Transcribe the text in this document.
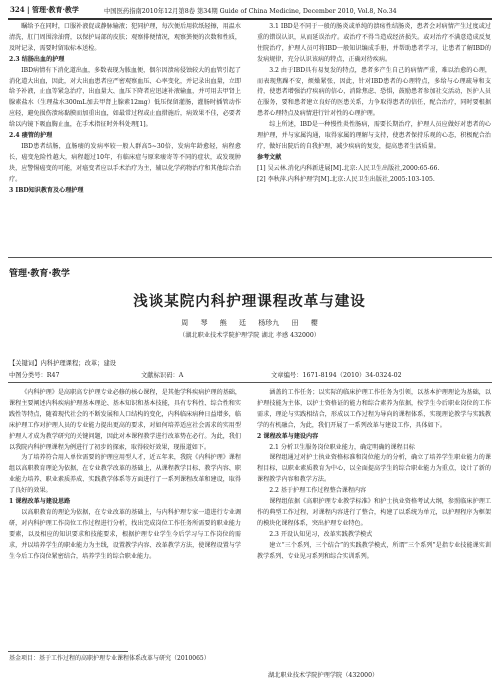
324 | 管理·教育·教学	中国医药指南2010年12月第8卷 第34期 Guide of China Medicine, December 2010, Vol.8, No.34

瞩给予在同时，口服补液促或静脉输液；犯同护理，每次便后用软纸轻擦，用温水清洗，肛门周围涂油膏，以保护局部的皮肤；观察排便情况，观察粪便的次数和性质，及时记录，需要时留取标本送检。

2.3 结肠出血的护理

IBD病情有下消化道出血，多数表现为脓血便，偶尔因溃疡侵蚀较大的血管引起了消化道大出血，因此，对大出血患者应严密观察血压、心率变化，并记录出血量，立即给予补液，止血等紧急治疗，出血量大、血压下降者应迅速补液输血，并可用去甲肾上腺素盐水（生理盐水300mL加去甲肾上腺素12mg）低压保留灌肠，灌肠时插管动作应轻，避免损伤溃疡黏膜而加重出血，如最常过程或止血措施后，病效果不佳，必要者给以内镜下吸血胸止血，在手术指征时外科处理[1]。

2.4 瘘管的护理

IBD患者结肠，直肠瘘的发病率较一般人群高5~30倍，发病年龄愈轻，病程愈长，癌变危险性越大，病程超过10年，有临床症与原来瘘寄等不同的症状，或发现肿块，应警惕癌变的可能，对癌变者应以手术治疗为主，辅以化学药物治疗和其他综合治疗。

3 IBD知识教育及心理护理

3.1 IBD是不同于一般的肠炎或单纯的溃疡性结肠炎，患者会对病情产生过度或过重的错误认识，从而延误治疗。或治疗不得当造成经济损失。或对治疗不满意造成反复住院治疗，护理人员可将IBD一般知识编成手册，并帮助患者学习，让患者了解IBD的发病规律，充分认识该病的特点，正确对待疾病。

3.2 由于IBD具有易复发的特点，患者多产生自己的病情严重，难以治愈的心理，而表现焦躁不安，烦燥紧张，因此，针对IBD患者的心理特点，多给与心理疏导和支持，使患者增强治疗疾病的信心，消除焦虑、恐惧，鼓励患者参加社交活动，医护人员在服务，要和患者建立良好的医患关系，力争取得患者的信任，配合治疗，同时要根据患者心理特点及病情进行针对性的心理护理。

综上所述，IBD是一种慢性炎性肠病，需要长期治疗，护理人员应做好对患者的心理护理，并与家属沟通，取得家属的理解与支持，使患者保持乐观的心态，积极配合治疗，做好出院后的自我护理，减少疾病的复发，提高患者生活质量。

参考文献

[1] 吴云林.消化内科新进展[M].北京:人民卫生出版社,2000:65-66.

[2] 李秋萍.内科护理学[M].北京:人民卫生出版社,2005:103-105.

管理·教育·教学
浅谈某院内科护理课程改革与建设
周 琴 熊 廷 杨珍九 田 樱
（湖北职业技术学院护理学院 湖北 孝感 432000）
【关键词】内科护理课程；改革；建设
中图分类号：R47	文献标识码：A	文章编号：1671-8194（2010）34-0324-02

《内科护理》是高职高专护理专业必修的核心课程，是其他学科疾病护理的基础，课程主要阐述内科疾病护理基本理论、基本知识和基本技能，具有专科性、综合性和实践性等特点，随着现代社会的不断发展和人口结构的变化，内科临床病种日益增多，临床护理工作对护理人员的专业能力提出更高的要求，对如何培养适应社会需求的实用型护理人才成为教学研究的关键问题，因此对本课程教学进行改革势在必行。为此，我们以我院内科护理课程为例进行了初步的探索，取得较好效果，现报道如下。

为了培养符合用人单位需要的护理应用型人才，近五年来，我院《内科护理》课程组以高职教育理论为依据，在专业教学改革的基础上，从课程教学目标、教学内容、职业能力培养、职业素质养成、实践教学体系等方面进行了一系列课程改革和建设，取得了良好的效果。

1 课程改革与建设思路

以高职教育的理论为依据，在专业改革的基础上，与内科护理专家一道进行专业调研，对内科护理工作岗位工作过程进行分析，找出完成岗位工作任务所需要的职业能力要素，以及相应的知识要求和技能要求，根据护理专业学生今后学习与工作岗位的需求，并以培养学生的职业能力为主线，设置教学内容、改革教学方法，使课程设置与学生今后工作岗位紧密结合，培养学生的综合职业能力。

涵盖的工作任务；以实际的临床护理工作任务为引领，以基本护理理论为基础，以护理技能为主体，以护士资格证的能力和综合素养为依据，按学生今后职业岗位的工作需求，理论与实践相结合，形成以工作过程为导向的课程体系，实现理论教学与实践教学的有机融合，为此，我们开展了一系列改革与建设工作，具体如下。

2 课程改革与建设内容

2.1 分析卫生服务岗位职业能力，确定明确的课程目标

课程组通过对护士执业资格标准和岗位能力的分析，确立了培养学生职业能力的课程目标，以职业素质教育为中心，以全面提高学生的综合职业能力为重点，设计了新的课程教学内容和教学方法。

2.2 基于护理工作过程整合课程内容

课程组依据《高职护理专业教学标准》和护士执业资格考试大纲，参照临床护理工作的典型工作过程，对课程内容进行了整合，构建了以系统为单元，以护理程序为框架的模块化课程体系，突出护理专业特色。

2.3 开设认知见习，改革实践教学模式

建立“三个系列，三个结合”的实践教学模式，所谓“三个系列”是指专业技能课实训教学系列、专业见习系列和综合实训系列。

基金项目：基于工作过程的高职护理专业课程体系改革与研究（2010065）
湖北职业技术学院护理学院（432000）
